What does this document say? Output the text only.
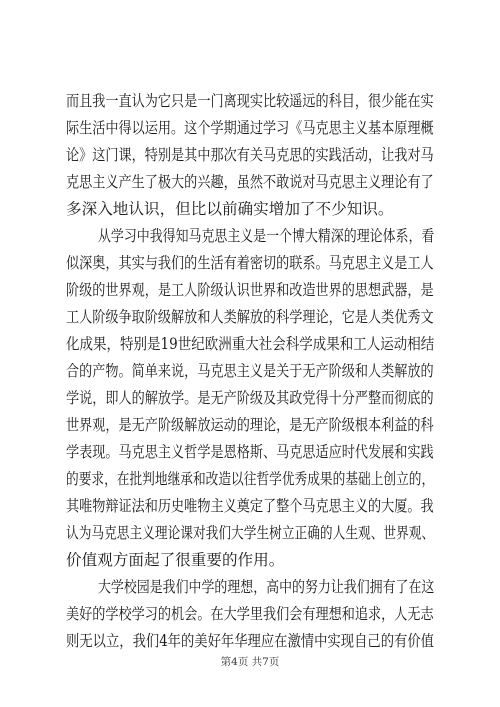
而且我一直认为它只是一门离现实比较遥远的科目，很少能在实
际生活中得以运用。这个学期通过学习《马克思主义基本原理概
论》这门课，特别是其中那次有关马克思的实践活动，让我对马
克思主义产生了极大的兴趣，虽然不敢说对马克思主义理论有了
多深入地认识，但比以前确实增加了不少知识。
从学习中我得知马克思主义是一个博大精深的理论体系，看
似深奥，其实与我们的生活有着密切的联系。马克思主义是工人
阶级的世界观，是工人阶级认识世界和改造世界的思想武器，是
工人阶级争取阶级解放和人类解放的科学理论，它是人类优秀文
化成果，特别是19世纪欧洲重大社会科学成果和工人运动相结
合的产物。简单来说，马克思主义是关于无产阶级和人类解放的
学说，即人的解放学。是无产阶级及其政党得十分严整而彻底的
世界观，是无产阶级解放运动的理论，是无产阶级根本利益的科
学表现。马克思主义哲学是恩格斯、马克思适应时代发展和实践
的要求，在批判地继承和改造以往哲学优秀成果的基础上创立的，
其唯物辩证法和历史唯物主义奠定了整个马克思主义的大厦。我
认为马克思主义理论课对我们大学生树立正确的人生观、世界观、
价值观方面起了很重要的作用。
大学校园是我们中学的理想，高中的努力让我们拥有了在这
美好的学校学习的机会。在大学里我们会有理想和追求，人无志
则无以立，我们4年的美好年华理应在激情中实现自己的有价值
第4页 共7页
